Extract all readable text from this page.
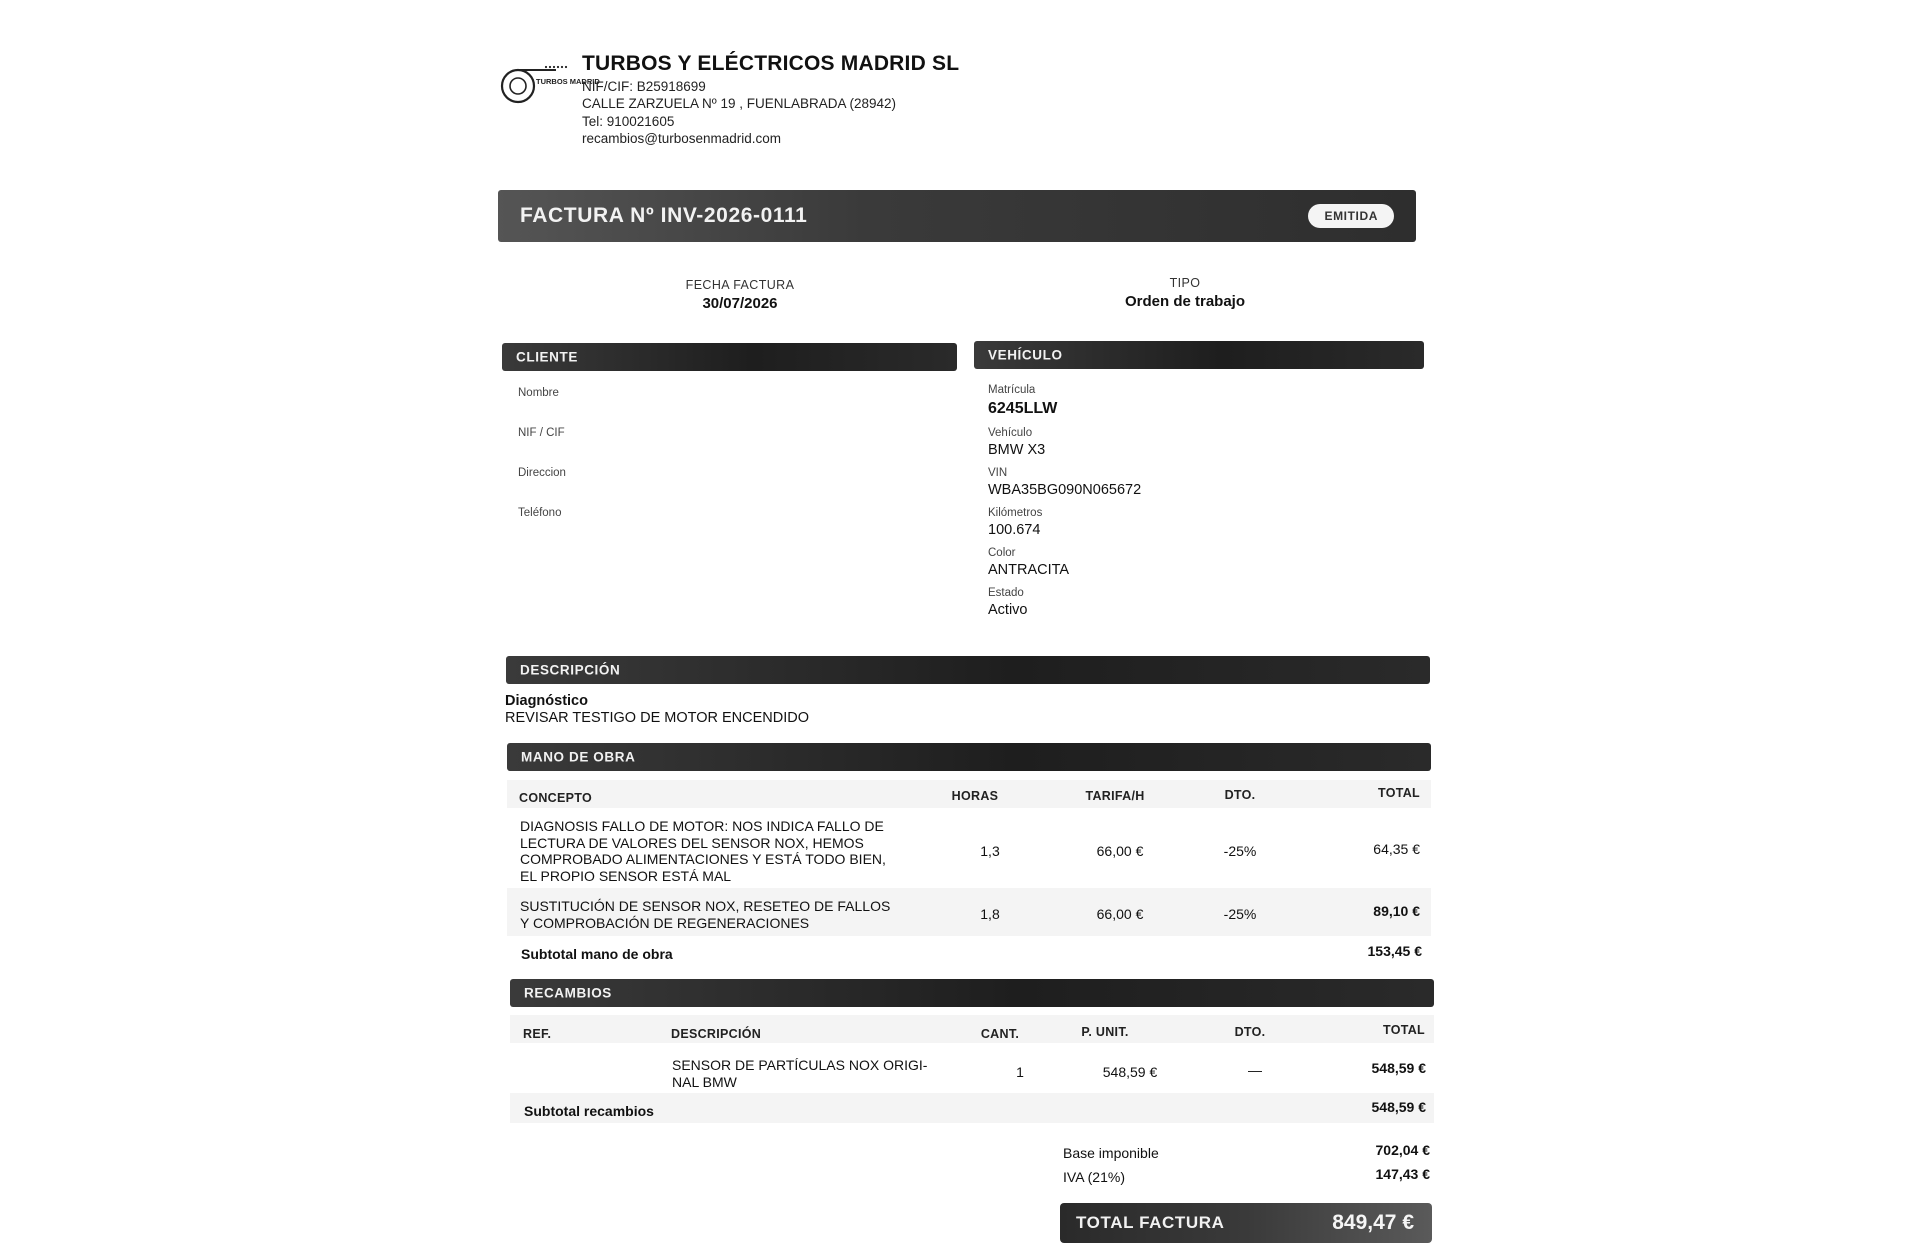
TURBOS MADRID
TURBOS Y ELÉCTRICOS MADRID SL
NIF/CIF: B25918699
CALLE ZARZUELA Nº 19 , FUENLABRADA (28942)
Tel: 910021605
recambios@turbosenmadrid.com
FACTURA Nº INV-2026-0111	EMITIDA
FECHA FACTURA
30/07/2026
TIPO
Orden de trabajo
CLIENTE
Nombre
NIF / CIF
Direccion
Teléfono
VEHÍCULO
Matrícula
6245LLW
Vehículo
BMW X3
VIN
WBA35BG090N065672
Kilómetros
100.674
Color
ANTRACITA
Estado
Activo
DESCRIPCIÓN
Diagnóstico
REVISAR TESTIGO DE MOTOR ENCENDIDO
MANO DE OBRA
CONCEPTO	HORAS	TARIFA/H	DTO.	TOTAL
DIAGNOSIS FALLO DE MOTOR: NOS INDICA FALLO DE
LECTURA DE VALORES DEL SENSOR NOX, HEMOS
COMPROBADO ALIMENTACIONES Y ESTÁ TODO BIEN,
EL PROPIO SENSOR ESTÁ MAL
1,3	66,00 €	-25%	64,35 €
SUSTITUCIÓN DE SENSOR NOX, RESETEO DE FALLOS
Y COMPROBACIÓN DE REGENERACIONES
1,8	66,00 €	-25%	89,10 €
Subtotal mano de obra	153,45 €
RECAMBIOS
REF.	DESCRIPCIÓN	CANT.	P. UNIT.	DTO.	TOTAL
SENSOR DE PARTÍCULAS NOX ORIGI-
NAL BMW
1	548,59 €	—	548,59 €
Subtotal recambios	548,59 €
Base imponible	702,04 €
IVA (21%)	147,43 €
TOTAL FACTURA	849,47 €
